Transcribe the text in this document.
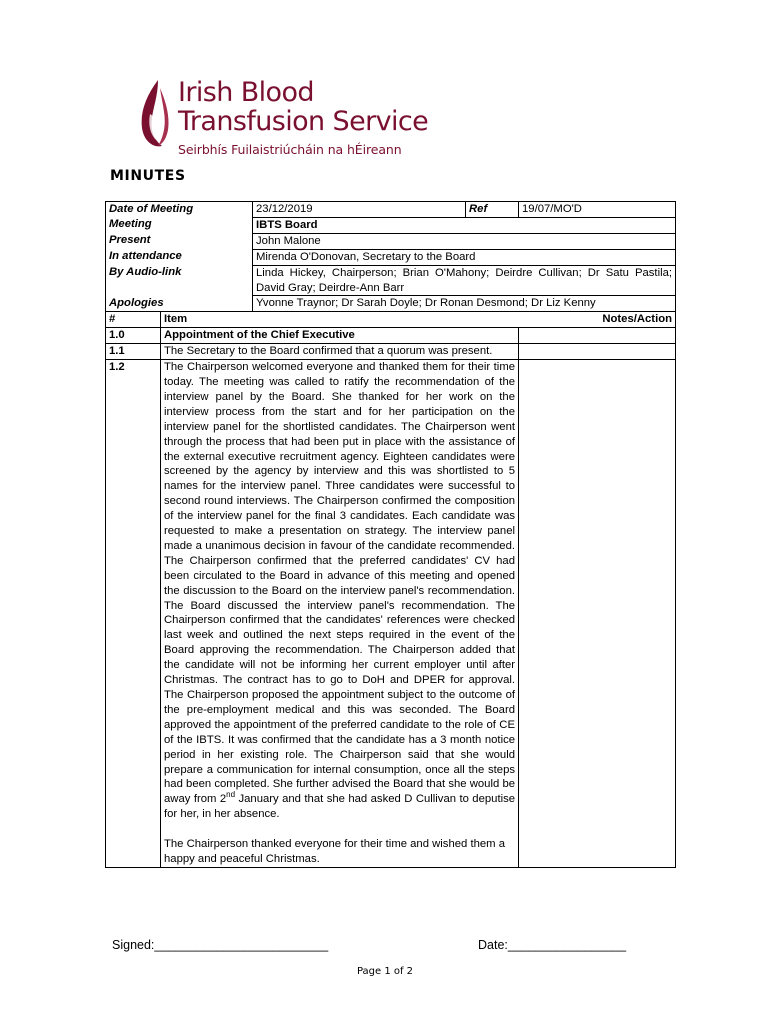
Irish Blood
Transfusion Service
Seirbhís Fuilaistriúcháin na hÉireann
MINUTES
Date of Meeting		23/12/2019	Ref	19/07/MO'D
Meeting		IBTS Board		
Present		John Malone		
In attendance		Mirenda O'Donovan, Secretary to the Board		
By Audio-link		Linda Hickey, Chairperson; Brian O'Mahony; Deirdre Cullivan; Dr Satu Pastila; David Gray; Deirdre-Ann Barr		
Apologies		Yvonne Traynor; Dr Sarah Doyle; Dr Ronan Desmond; Dr Liz Kenny		
#	Item			Notes/Action
1.0	Appointment of the Chief Executive			
1.1	The Secretary to the Board confirmed that a quorum was present.			
1.2	The Chairperson welcomed everyone and thanked them for their time today. The meeting was called to ratify the recommendation of the interview panel by the Board. She thanked for her work on the interview process from the start and for her participation on the interview panel for the shortlisted candidates. The Chairperson went through the process that had been put in place with the assistance of the external executive recruitment agency. Eighteen candidates were screened by the agency by interview and this was shortlisted to 5 names for the interview panel. Three candidates were successful to second round interviews. The Chairperson confirmed the composition of the interview panel for the final 3 candidates. Each candidate was requested to make a presentation on strategy. The interview panel made a unanimous decision in favour of the candidate recommended. The Chairperson confirmed that the preferred candidates' CV had been circulated to the Board in advance of this meeting and opened the discussion to the Board on the interview panel's recommendation. The Board discussed the interview panel's recommendation. The Chairperson confirmed that the candidates' references were checked last week and outlined the next steps required in the event of the Board approving the recommendation. The Chairperson added that the candidate will not be informing her current employer until after Christmas. The contract has to go to DoH and DPER for approval. The Chairperson proposed the appointment subject to the outcome of the pre-employment medical and this was seconded. The Board approved the appointment of the preferred candidate to the role of CE of the IBTS. It was confirmed that the candidate has a 3 month notice period in her existing role. The Chairperson said that she would prepare a communication for internal consumption, once all the steps had been completed. She further advised the Board that she would be away from 2nd January and that she had asked D Cullivan to deputise for her, in her absence.
The Chairperson thanked everyone for their time and wished them a happy and peaceful Christmas.			

Signed:_________________________	Date:_________________
Page 1 of 2
